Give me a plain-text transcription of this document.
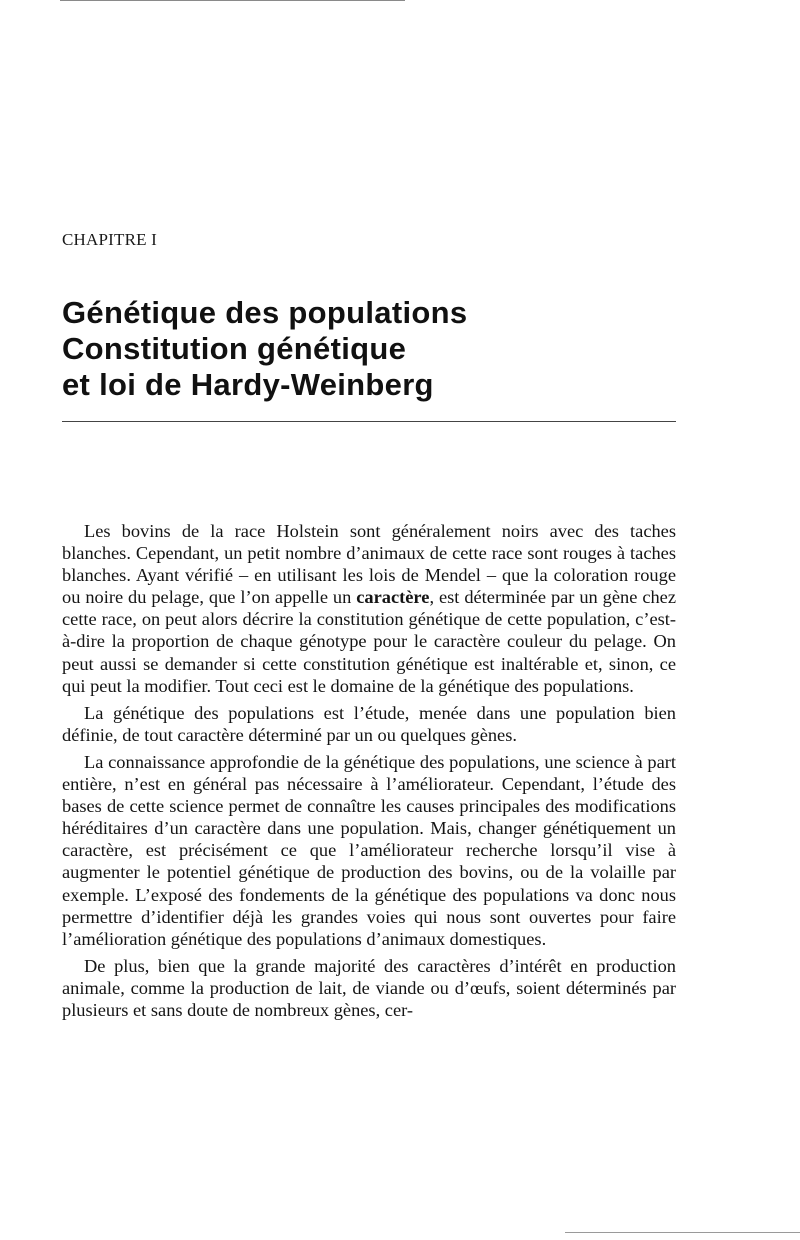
CHAPITRE I
Génétique des populations
Constitution génétique
et loi de Hardy-Weinberg

Les bovins de la race Holstein sont généralement noirs avec des taches blanches. Cependant, un petit nombre d’animaux de cette race sont rouges à taches blanches. Ayant vérifié – en utilisant les lois de Mendel – que la coloration rouge ou noire du pelage, que l’on appelle un caractère, est déterminée par un gène chez cette race, on peut alors décrire la constitution génétique de cette population, c’est-à-dire la proportion de chaque génotype pour le caractère couleur du pelage. On peut aussi se demander si cette constitution génétique est inaltérable et, sinon, ce qui peut la modifier. Tout ceci est le domaine de la génétique des populations.

La génétique des populations est l’étude, menée dans une population bien définie, de tout caractère déterminé par un ou quelques gènes.

La connaissance approfondie de la génétique des populations, une science à part entière, n’est en général pas nécessaire à l’améliorateur. Cependant, l’étude des bases de cette science permet de connaître les causes principales des modifications héréditaires d’un caractère dans une population. Mais, changer génétiquement un caractère, est précisément ce que l’améliorateur recherche lorsqu’il vise à augmenter le potentiel génétique de production des bovins, ou de la volaille par exemple. L’exposé des fondements de la génétique des populations va donc nous permettre d’identifier déjà les grandes voies qui nous sont ouvertes pour faire l’amélioration génétique des populations d’animaux domestiques.

De plus, bien que la grande majorité des caractères d’intérêt en production animale, comme la production de lait, de viande ou d’œufs, soient déterminés par plusieurs et sans doute de nombreux gènes, cer-
